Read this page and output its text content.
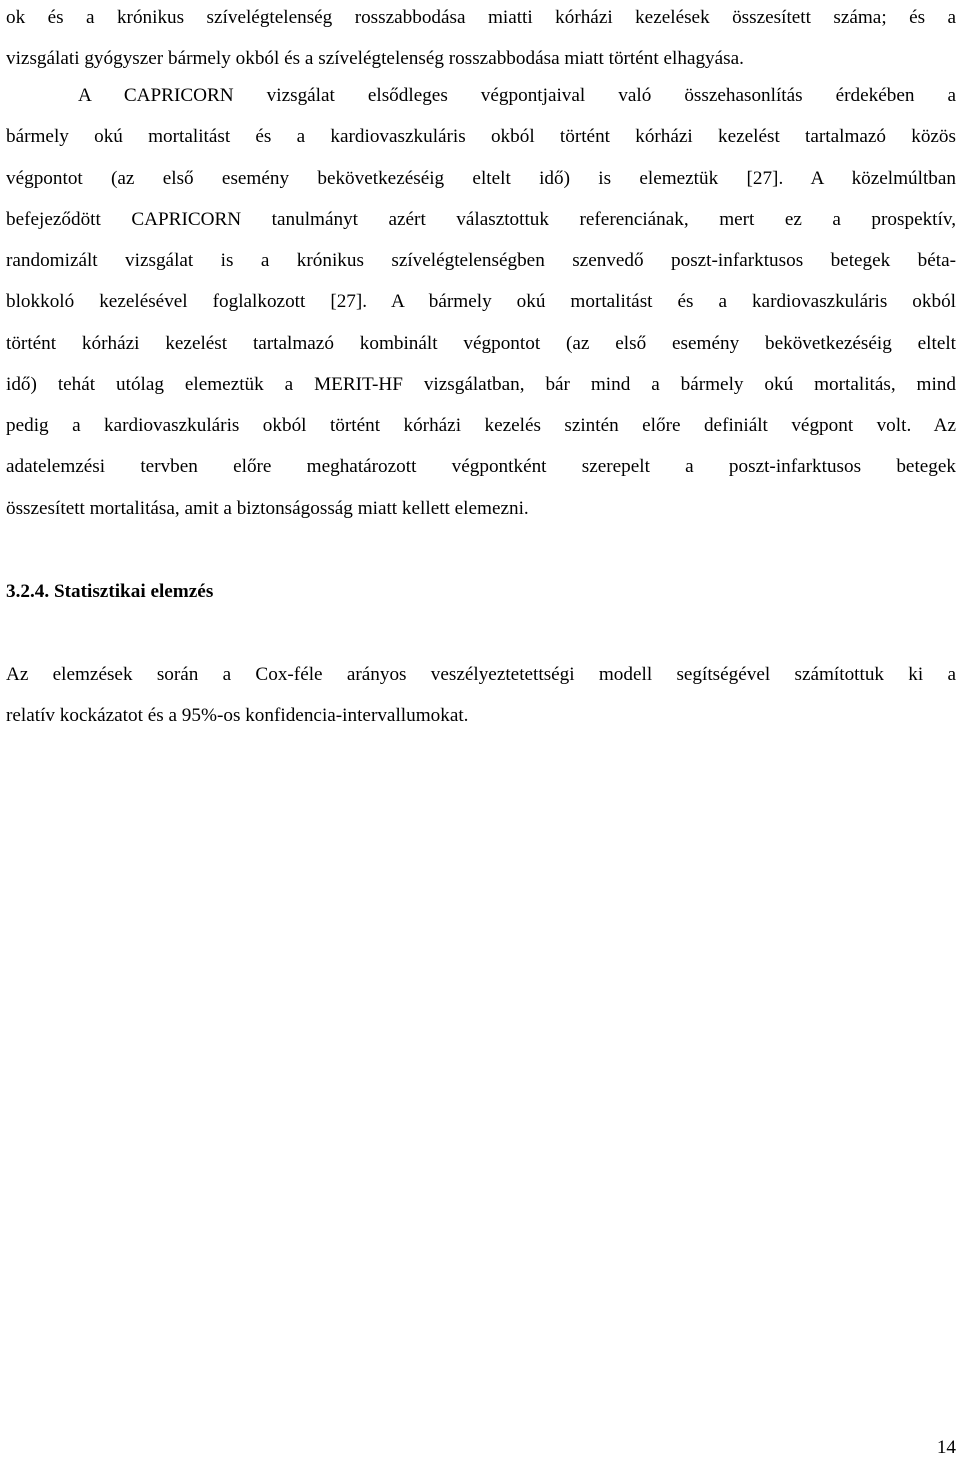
ok és a krónikus szívelégtelenség rosszabbodása miatti kórházi kezelések összesített száma; és a
vizsgálati gyógyszer bármely okból és a szívelégtelenség rosszabbodása miatt történt elhagyása.
A CAPRICORN vizsgálat elsődleges végpontjaival való összehasonlítás érdekében a
bármely okú mortalitást és a kardiovaszkuláris okból történt kórházi kezelést tartalmazó közös
végpontot (az első esemény bekövetkezéséig eltelt idő) is elemeztük [27]. A közelmúltban
befejeződött CAPRICORN tanulmányt azért választottuk referenciának, mert ez a prospektív,
randomizált vizsgálat is a krónikus szívelégtelenségben szenvedő poszt-infarktusos betegek béta-
blokkoló kezelésével foglalkozott [27]. A bármely okú mortalitást és a kardiovaszkuláris okból
történt kórházi kezelést tartalmazó kombinált végpontot (az első esemény bekövetkezéséig eltelt
idő) tehát utólag elemeztük a MERIT-HF vizsgálatban, bár mind a bármely okú mortalitás, mind
pedig a kardiovaszkuláris okból történt kórházi kezelés szintén előre definiált végpont volt. Az
adatelemzési tervben előre meghatározott végpontként szerepelt a poszt-infarktusos betegek
összesített mortalitása, amit a biztonságosság miatt kellett elemezni.
3.2.4. Statisztikai elemzés
Az elemzések során a Cox-féle arányos veszélyeztetettségi modell segítségével számítottuk ki a
relatív kockázatot és a 95%-os konfidencia-intervallumokat.
14
